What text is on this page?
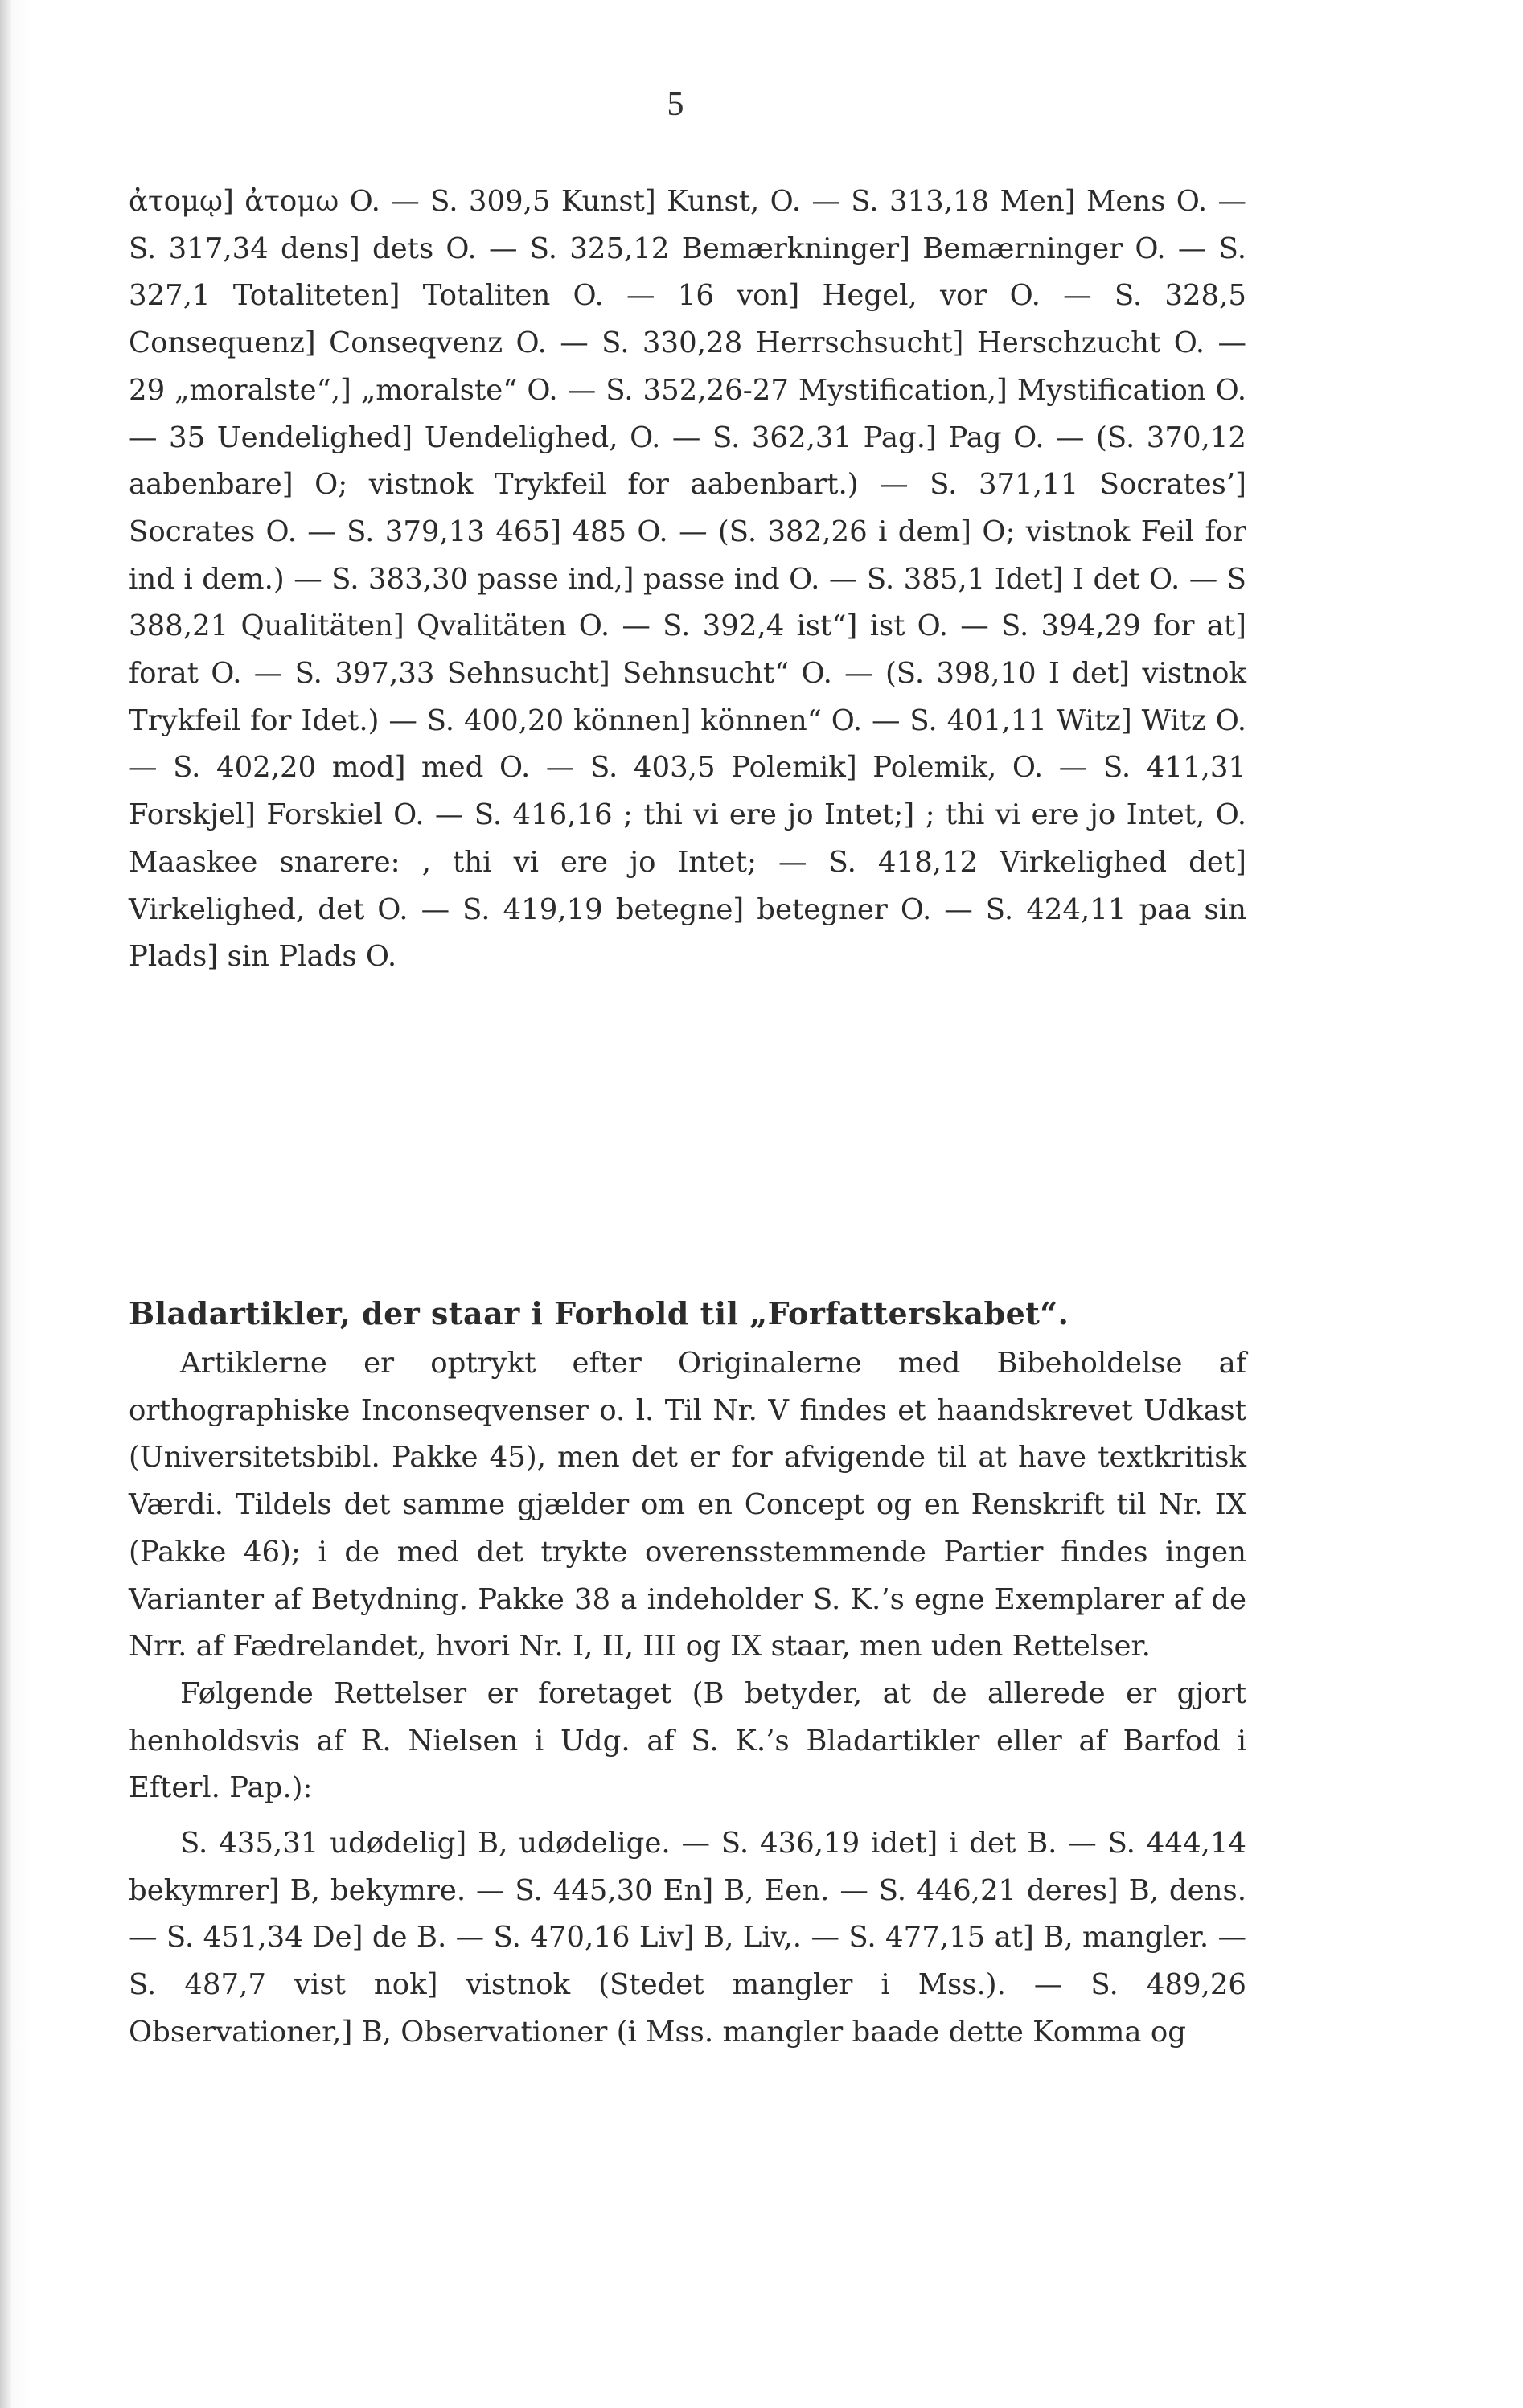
5

ἀτομῳ] ἀτομω O. — S. 309,5 Kunst] Kunst, O. — S. 313,18 Men] Mens O. — S. 317,34 dens] dets O. — S. 325,12 Bemærkninger] Bemærninger O. — S. 327,1 Totaliteten] Totaliten O. — 16 von] Hegel, vor O. — S. 328,5 Consequenz] Conseqvenz O. — S. 330,28 Herrschsucht] Herschzucht O. — 29 „moralste“,] „moralste“ O. — S. 352,26-27 Mystification,] Mystification O. — 35 Uendelighed] Uendelighed, O. — S. 362,31 Pag.] Pag O. — (S. 370,12 aabenbare] O; vistnok Trykfeil for aabenbart.) — S. 371,11 Socrates’] Socrates O. — S. 379,13 465] 485 O. — (S. 382,26 i dem] O; vistnok Feil for ind i dem.) — S. 383,30 passe ind,] passe ind O. — S. 385,1 Idet] I det O. — S 388,21 Qualitäten] Qvalitäten O. — S. 392,4 ist“] ist O. — S. 394,29 for at] forat O. — S. 397,33 Sehnsucht] Sehnsucht“ O. — (S. 398,10 I det] vistnok Trykfeil for Idet.) — S. 400,20 können] können“ O. — S. 401,11 Witz] Witz O. — S. 402,20 mod] med O. — S. 403,5 Polemik] Polemik, O. — S. 411,31 Forskjel] Forskiel O. — S. 416,16 ; thi vi ere jo Intet;] ; thi vi ere jo Intet, O. Maaskee snarere: , thi vi ere jo Intet; — S. 418,12 Virkelighed det] Virkelighed, det O. — S. 419,19 betegne] betegner O. — S. 424,11 paa sin Plads] sin Plads O.

Bladartikler, der staar i Forhold til „Forfatterskabet“.

Artiklerne er optrykt efter Originalerne med Bibeholdelse af orthographiske Inconseqvenser o. l. Til Nr. V findes et haandskrevet Udkast (Universitetsbibl. Pakke 45), men det er for afvigende til at have textkritisk Værdi. Tildels det samme gjælder om en Concept og en Renskrift til Nr. IX (Pakke 46); i de med det trykte overensstemmende Partier findes ingen Varianter af Betydning. Pakke 38 a indeholder S. K.’s egne Exemplarer af de Nrr. af Fædrelandet, hvori Nr. I, II, III og IX staar, men uden Rettelser.

Følgende Rettelser er foretaget (B betyder, at de allerede er gjort henholdsvis af R. Nielsen i Udg. af S. K.’s Bladartikler eller af Barfod i Efterl. Pap.):

S. 435,31 udødelig] B, udødelige. — S. 436,19 idet] i det B. — S. 444,14 bekymrer] B, bekymre. — S. 445,30 En] B, Een. — S. 446,21 deres] B, dens. — S. 451,34 De] de B. — S. 470,16 Liv] B, Liv,. — S. 477,15 at] B, mangler. — S. 487,7 vist nok] vistnok (Stedet mangler i Mss.). — S. 489,26 Observationer,] B, Observationer (i Mss. mangler baade dette Komma og
